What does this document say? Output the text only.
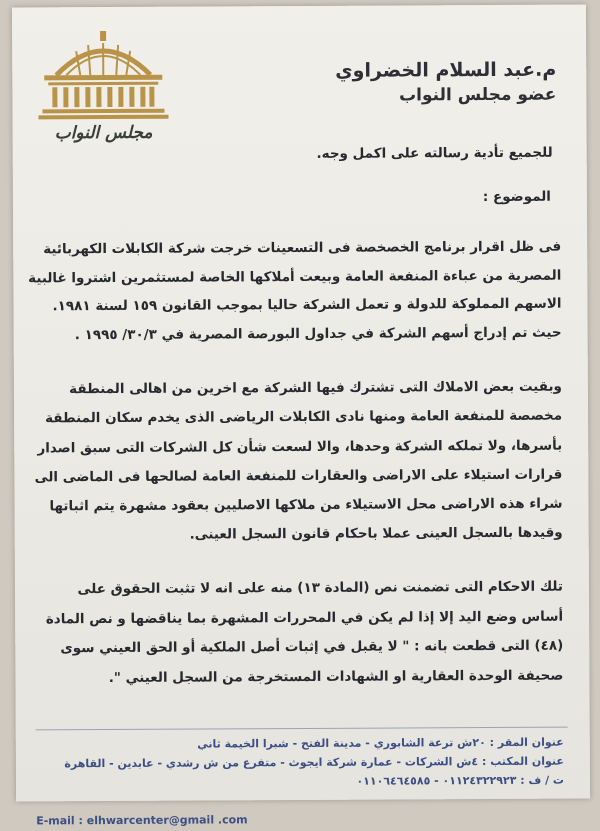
مجلس النواب
م.عبد السلام الخضراوي
عضو مجلس النواب
للجميع تأدية رسالته على اكمل وجه.
الموضوع :

فى ظل اقرار برنامج الخصخصة فى التسعينات خرجت شركة الكابلات الكهربائية

المصرية من عباءة المنفعة العامة وبيعت أملاكها الخاصة لمستثمرين اشتروا غالبية

الاسهم المملوكة للدولة و تعمل الشركة حاليا بموجب القانون ١٥٩ لسنة ١٩٨١.

حيث تم إدراج أسهم الشركة في جداول البورصة المصرية في ٣٠/٣/ ١٩٩٥ .

وبقيت بعض الاملاك التى تشترك فيها الشركة مع اخرين من اهالى المنطقة

مخصصة للمنفعة العامة ومنها نادى الكابلات الرياضى الذى يخدم سكان المنطقة

بأسرها، ولا تملكه الشركة وحدها، والا لسعت شأن كل الشركات التى سبق اصدار

قرارات استيلاء على الاراضى والعقارات للمنفعة العامة لصالحها فى الماضى الى

شراء هذه الاراضى محل الاستيلاء من ملاكها الاصليين بعقود مشهرة يتم اثباتها

وقيدها بالسجل العينى عملا باحكام قانون السجل العينى.

تلك الاحكام التى تضمنت نص (المادة ١٣) منه على انه لا تثبت الحقوق على

أساس وضع اليد إلا إذا لم يكن في المحررات المشهرة بما يناقضها و نص المادة

(٤٨) التى قطعت بانه : " لا يقبل في إثبات أصل الملكية أو الحق العيني سوى

صحيفة الوحدة العقارية او الشهادات المستخرجة من السجل العيني ".

عنوان المقر : ٢٠ش ترعة الشابوري - مدينة الفتح - شبرا الخيمة ثاني
عنوان المكتب : ٤ش الشركات - عمارة شركة ايجوث - متفرع من ش رشدي - عابدين - القاهرة
ت / ف : ٠١١٢٤٣٢٢٩٢٣ - ٠١١٠٦٤٦٤٥٨٥
E-mail : elhwarcenter@gmail .com
